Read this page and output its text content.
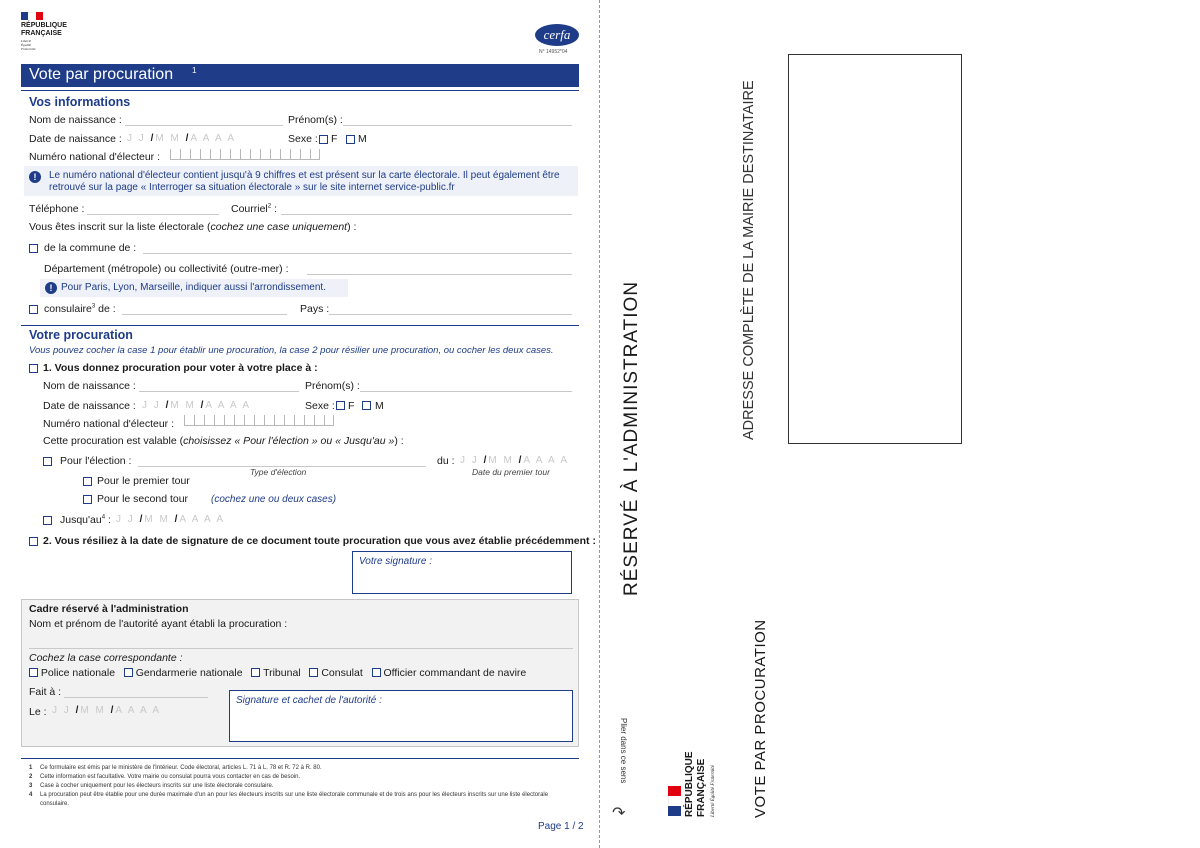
RÉPUBLIQUE
FRANÇAISE
Liberté
Égalité
Fraternité
cerfa
N° 14952*04
Vote par procuration 1
Vos informations
Nom de naissance :	Prénom(s) :
Date de naissance : J J /M M /A A A A	Sexe : F M
Numéro national d'électeur :
!	Le numéro national d'électeur contient jusqu'à 9 chiffres et est présent sur la carte électorale. Il peut également être retrouvé sur la page « Interroger sa situation électorale » sur le site internet service-public.fr
Téléphone :	Courriel$^2$ :
Vous êtes inscrit sur la liste électorale (cochez une case uniquement) :
de la commune de :
Département (métropole) ou collectivité (outre-mer) :
! Pour Paris, Lyon, Marseille, indiquer aussi l'arrondissement.
consulaire$^3$ de :	Pays :
Votre procuration
Vous pouvez cocher la case 1 pour établir une procuration, la case 2 pour résilier une procuration, ou cocher les deux cases.
1. Vous donnez procuration pour voter à votre place à :
Nom de naissance :	Prénom(s) :
Date de naissance : J J /M M /A A A A	Sexe : F M
Numéro national d'électeur :
Cette procuration est valable (choisissez « Pour l'élection » ou « Jusqu'au ») :
Pour l'élection :
Type d'élection
du : J J /M M /A A A A
Date du premier tour
Pour le premier tour
Pour le second tour (cochez une ou deux cases)
$Jusqu'au^4$ : J J /M M /A A A A
2. Vous résiliez à la date de signature de ce document toute procuration que vous avez établie précédemment :
Votre signature :
Cadre réservé à l'administration
Nom et prénom de l'autorité ayant établi la procuration :
Cochez la case correspondante :
Police nationale Gendarmerie nationale Tribunal Consulat Officier commandant de navire
Fait à :
Le : J J /M M /A A A A
Signature et cachet de l'autorité :
1 Ce formulaire est émis par le ministère de l'Intérieur. Code électoral, articles L. 71 à L. 78 et R. 72 à R. 80.
2 Cette information est facultative. Votre mairie ou consulat pourra vous contacter en cas de besoin.
3 Case à cocher uniquement pour les électeurs inscrits sur une liste électorale consulaire.
4	La procuration peut être établie pour une durée maximale d'un an pour les électeurs inscrits sur une liste électorale communale et de trois ans pour les électeurs inscrits sur une liste électorale consulaire.
Page 1 / 2
RÉSERVÉ À L'ADMINISTRATION	ADRESSE COMPLÈTE DE LA MAIRIE DESTINATAIRE
VOTE PAR PROCURATION
Plier dans ce sens
↷	RÉPUBLIQUE FRANÇAISE Liberté Égalité Fraternité
